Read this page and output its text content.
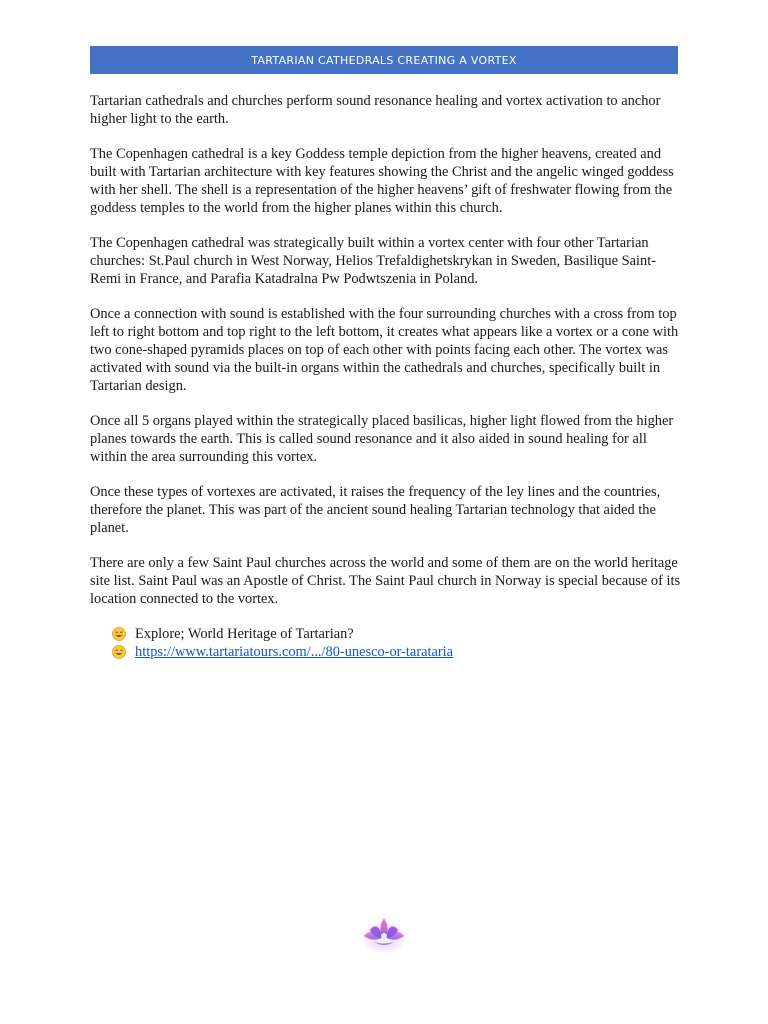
TARTARIAN CATHEDRALS CREATING A VORTEX

Tartarian cathedrals and churches perform sound resonance healing and vortex activation to anchor higher light to the earth.

The Copenhagen cathedral is a key Goddess temple depiction from the higher heavens, created and built with Tartarian architecture with key features showing the Christ and the angelic winged goddess with her shell. The shell is a representation of the higher heavens’ gift of freshwater flowing from the goddess temples to the world from the higher planes within this church.

The Copenhagen cathedral was strategically built within a vortex center with four other Tartarian churches: St.Paul church in West Norway, Helios Trefaldighetskrykan in Sweden, Basilique Saint-Remi in France, and Parafia Katadralna Pw Podwtszenia in Poland.

Once a connection with sound is established with the four surrounding churches with a cross from top left to right bottom and top right to the left bottom, it creates what appears like a vortex or a cone with two cone-shaped pyramids places on top of each other with points facing each other. The vortex was activated with sound via the built-in organs within the cathedrals and churches, specifically built in Tartarian design.

Once all 5 organs played within the strategically placed basilicas, higher light flowed from the higher planes towards the earth. This is called sound resonance and it also aided in sound healing for all within the area surrounding this vortex.

Once these types of vortexes are activated, it raises the frequency of the ley lines and the countries, therefore the planet. This was part of the ancient sound healing Tartarian technology that aided the planet.

There are only a few Saint Paul churches across the world and some of them are on the world heritage site list. Saint Paul was an Apostle of Christ. The Saint Paul church in Norway is special because of its location connected to the vortex.

Explore; World Heritage of Tartarian?
https://www.tartariatours.com/.../80-unesco-or-tarataria
